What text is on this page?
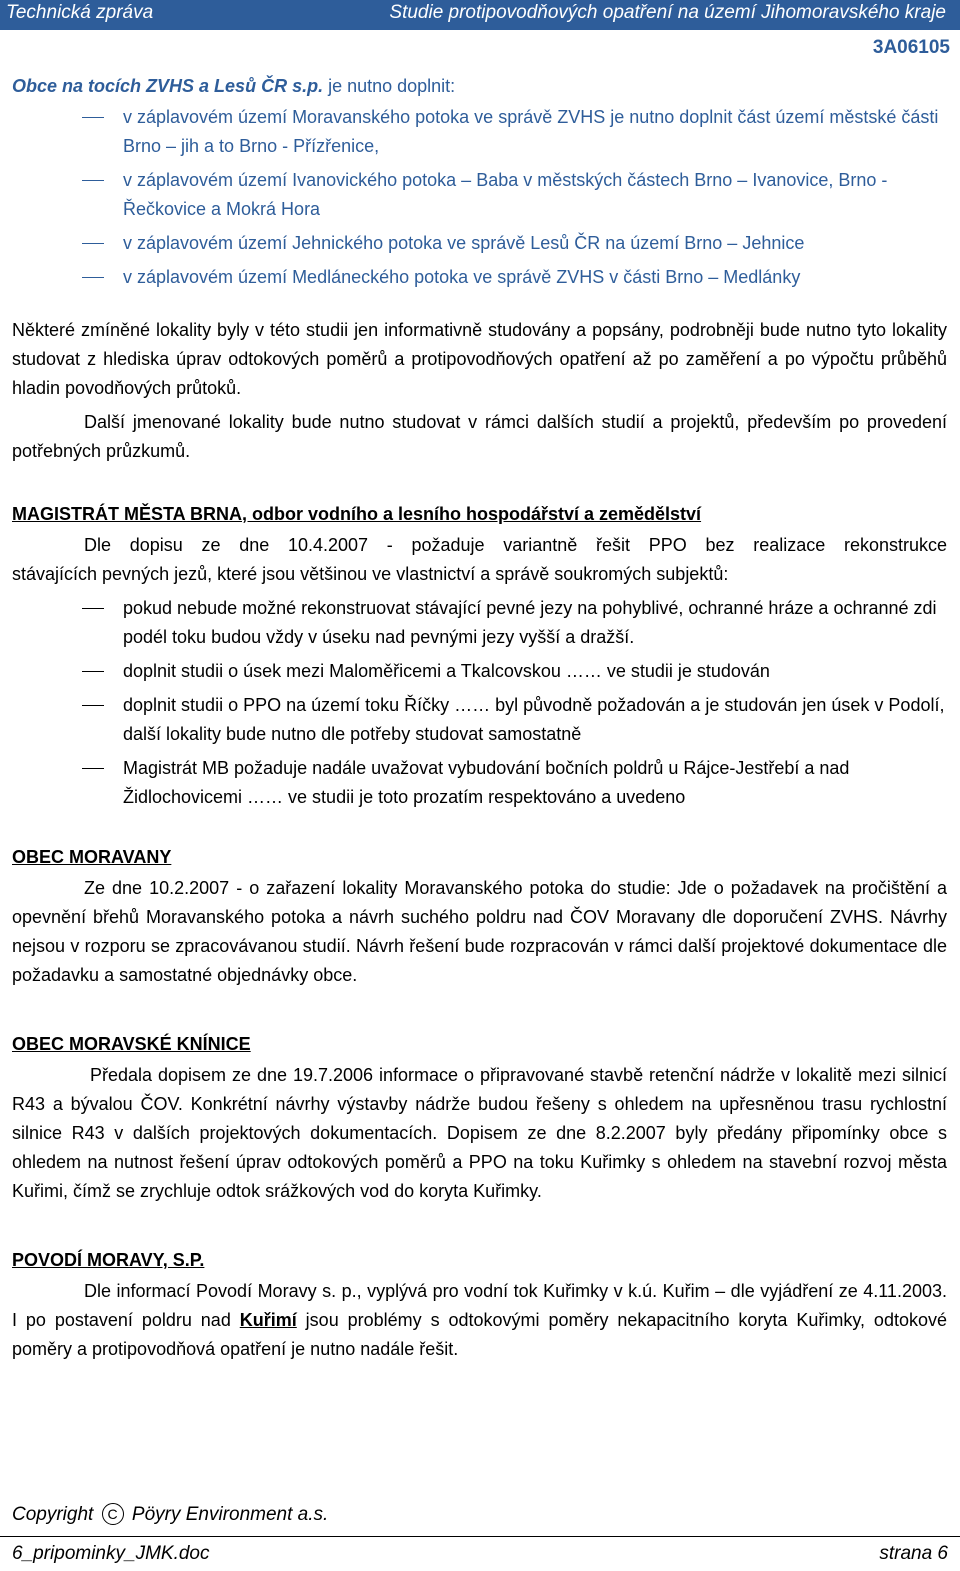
Technická zpráva	Studie protipovodňových opatření na území Jihomoravského kraje
3A06105
Obce na tocích ZVHS a Lesů ČR s.p. je nutno doplnit:
v záplavovém území Moravanského potoka ve správě ZVHS je nutno doplnit část území městské části Brno – jih a to Brno - Přízřenice,
v záplavovém území Ivanovického potoka – Baba v městských částech Brno – Ivanovice, Brno - Řečkovice a Mokrá Hora
v záplavovém území Jehnického potoka ve správě Lesů ČR na území Brno – Jehnice
v záplavovém území Medláneckého potoka ve správě ZVHS v části Brno – Medlánky

Některé zmíněné lokality byly v této studii jen informativně studovány a popsány, podrobněji bude nutno tyto lokality studovat z hlediska úprav odtokových poměrů a protipovodňových opatření až po zaměření a po výpočtu průběhů hladin povodňových průtoků.

Další jmenované lokality bude nutno studovat v rámci dalších studií a projektů, především po provedení potřebných průzkumů.

MAGISTRÁT MĚSTA BRNA, odbor vodního a lesního hospodářství a zemědělství

Dle dopisu ze dne 10.4.2007 - požaduje variantně řešit PPO bez realizace rekonstrukce

stávajících pevných jezů, které jsou většinou ve vlastnictví a správě soukromých subjektů:

pokud nebude možné rekonstruovat stávající pevné jezy na pohyblivé, ochranné hráze a ochranné zdi podél toku budou vždy v úseku nad pevnými jezy vyšší a dražší.
doplnit studii o úsek mezi Maloměřicemi a Tkalcovskou …… ve studii je studován
doplnit studii o PPO na území toku Říčky …… byl původně požadován a je studován jen úsek v Podolí, další lokality bude nutno dle potřeby studovat samostatně
Magistrát MB požaduje nadále uvažovat vybudování bočních poldrů u Rájce-Jestřebí a nad Židlochovicemi …… ve studii je toto prozatím respektováno a uvedeno
OBEC MORAVANY

Ze dne 10.2.2007 - o zařazení lokality Moravanského potoka do studie: Jde o požadavek na pročištění a opevnění břehů Moravanského potoka a návrh suchého poldru nad ČOV Moravany dle doporučení ZVHS. Návrhy nejsou v rozporu se zpracovávanou studií. Návrh řešení bude rozpracován v rámci další projektové dokumentace dle požadavku a samostatné objednávky obce.

OBEC MORAVSKÉ KNÍNICE

Předala dopisem ze dne 19.7.2006 informace o připravované stavbě retenční nádrže v lokalitě mezi silnicí R43 a bývalou ČOV. Konkrétní návrhy výstavby nádrže budou řešeny s ohledem na upřesněnou trasu rychlostní silnice R43 v dalších projektových dokumentacích. Dopisem ze dne 8.2.2007 byly předány připomínky obce s ohledem na nutnost řešení úprav odtokových poměrů a PPO na toku Kuřimky s ohledem na stavební rozvoj města Kuřimi, čímž se zrychluje odtok srážkových vod do koryta Kuřimky.

POVODÍ MORAVY, S.P.

Dle informací Povodí Moravy s. p., vyplývá pro vodní tok Kuřimky v k.ú. Kuřim – dle vyjádření ze 4.11.2003. I po postavení poldru nad Kuřimí jsou problémy s odtokovými poměry nekapacitního koryta Kuřimky, odtokové poměry a protipovodňová opatření je nutno nadále řešit.

Copyright C Pöyry Environment a.s.
6_pripominky_JMK.doc	strana 6
